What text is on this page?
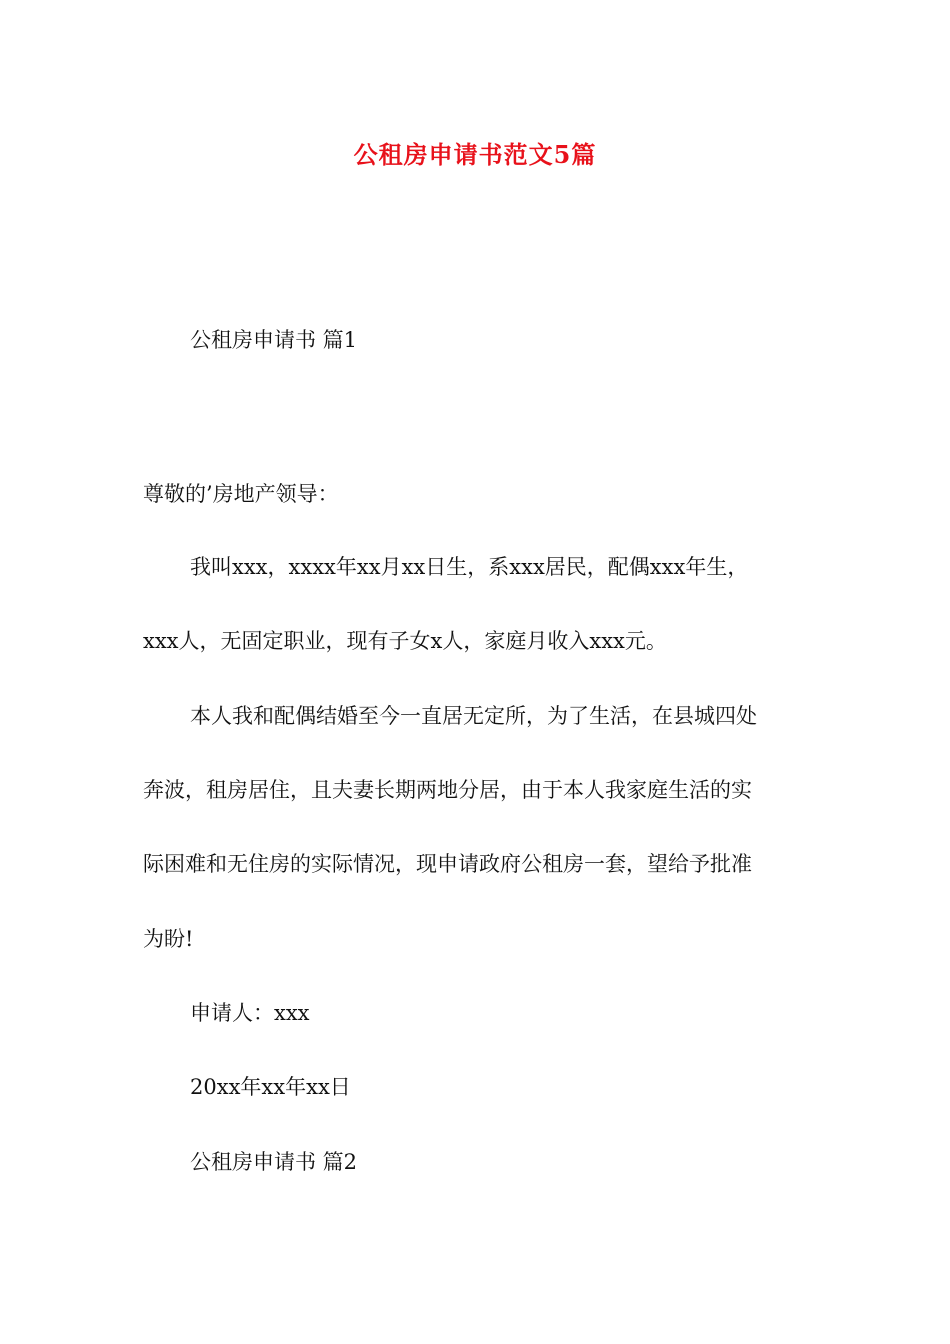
公租房申请书范文5篇
公租房申请书 篇1
尊敬的’房地产领导：
我叫xxx，xxxx年xx月xx日生，系xxx居民，配偶xxx年生，
xxx人，无固定职业，现有子女x人，家庭月收入xxx元。
本人我和配偶结婚至今一直居无定所，为了生活，在县城四处
奔波，租房居住，且夫妻长期两地分居，由于本人我家庭生活的实
际困难和无住房的实际情况，现申请政府公租房一套，望给予批准
为盼!
申请人：xxx
20xx年xx年xx日
公租房申请书 篇2
